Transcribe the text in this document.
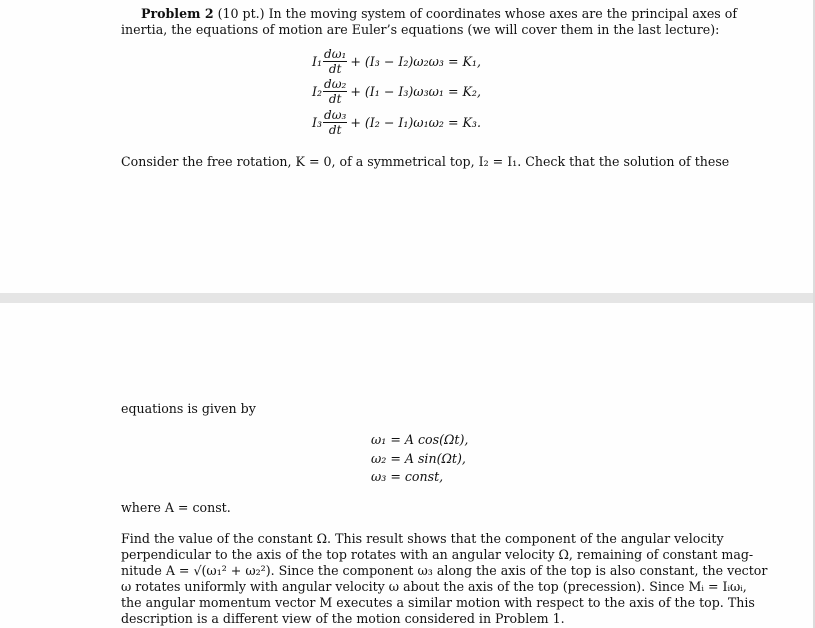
Problem 2 (10 pt.) In the moving system of coordinates whose axes are the principal axes of
inertia, the equations of motion are Euler’s equations (we will cover them in the last lecture):
$I_1 \frac{\text{dω₁}}{dt} + (I_3 - I_2)\omega_2\omega_3 = K_1$,
$I_2 \frac{\text{dω₂}}{dt} + (I_1 - I_3)\omega_3\omega_1 = K_2$,
$I_3 \frac{\text{dω₃}}{dt} + (I_2 - I_1)\omega_1\omega_2 = K_3$.
Consider the free rotation, K = 0, of a symmetrical top, I₂ = I₁. Check that the solution of these
equations is given by
ω₁ = A cos(Ωt),
ω₂ = A sin(Ωt),
ω₃ = const,
where A = const.
Find the value of the constant Ω. This result shows that the component of the angular velocity
perpendicular to the axis of the top rotates with an angular velocity Ω, remaining of constant mag-
nitude A = √(ω₁² + ω₂²). Since the component ω₃ along the axis of the top is also constant, the vector
ω rotates uniformly with angular velocity ω about the axis of the top (precession). Since Mᵢ = Iᵢωᵢ,
the angular momentum vector M executes a similar motion with respect to the axis of the top. This
description is a different view of the motion considered in Problem 1.
